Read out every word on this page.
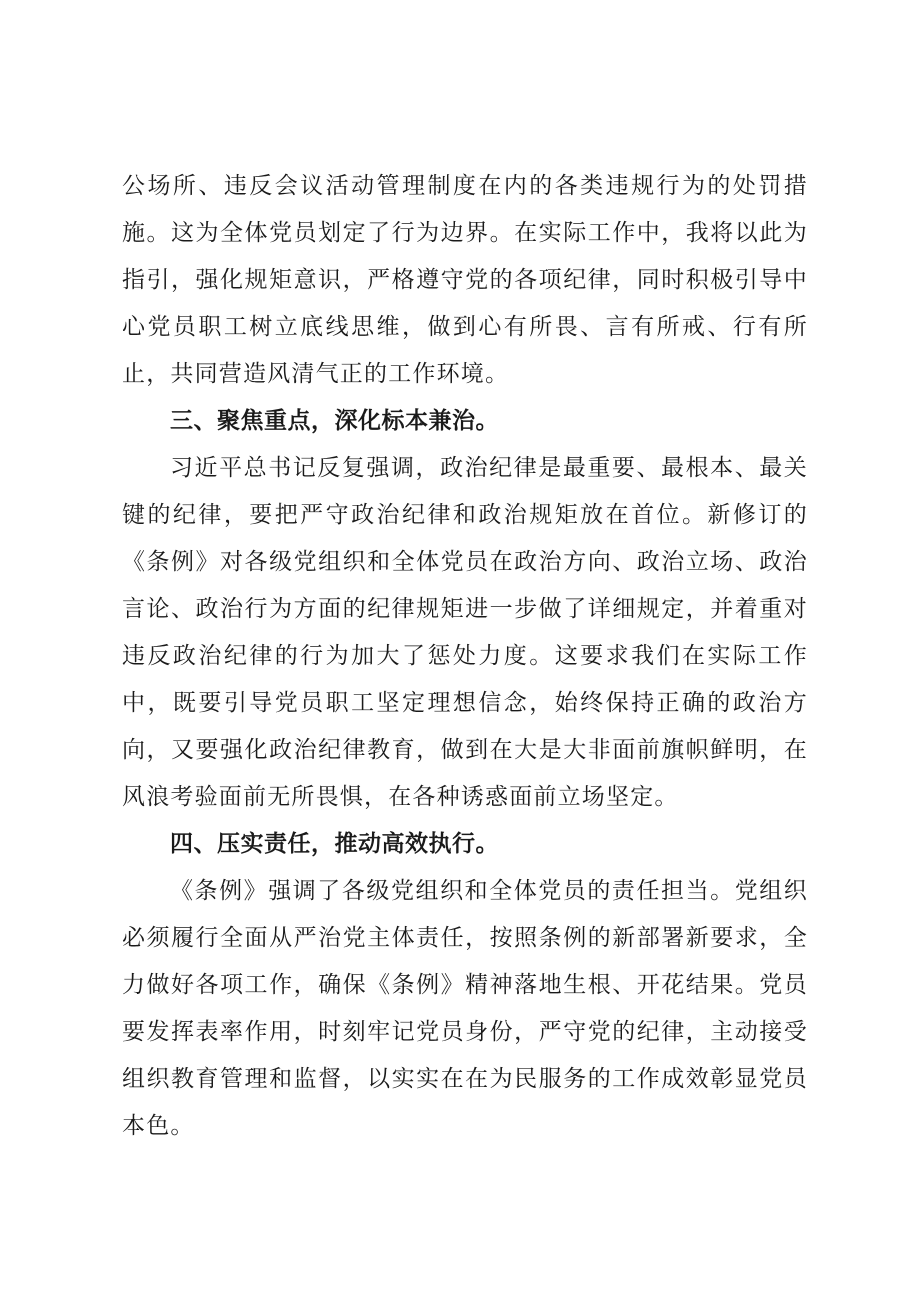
公场所、违反会议活动管理制度在内的各类违规行为的处罚措施。这为全体党员划定了行为边界。在实际工作中，我将以此为指引，强化规矩意识，严格遵守党的各项纪律，同时积极引导中心党员职工树立底线思维，做到心有所畏、言有所戒、行有所止，共同营造风清气正的工作环境。

三、聚焦重点，深化标本兼治。

习近平总书记反复强调，政治纪律是最重要、最根本、最关键的纪律，要把严守政治纪律和政治规矩放在首位。新修订的《条例》对各级党组织和全体党员在政治方向、政治立场、政治言论、政治行为方面的纪律规矩进一步做了详细规定，并着重对违反政治纪律的行为加大了惩处力度。这要求我们在实际工作中，既要引导党员职工坚定理想信念，始终保持正确的政治方向，又要强化政治纪律教育，做到在大是大非面前旗帜鲜明，在风浪考验面前无所畏惧，在各种诱惑面前立场坚定。

四、压实责任，推动高效执行。

《条例》强调了各级党组织和全体党员的责任担当。党组织必须履行全面从严治党主体责任，按照条例的新部署新要求，全力做好各项工作，确保《条例》精神落地生根、开花结果。党员要发挥表率作用，时刻牢记党员身份，严守党的纪律，主动接受组织教育管理和监督，以实实在在为民服务的工作成效彰显党员本色。
